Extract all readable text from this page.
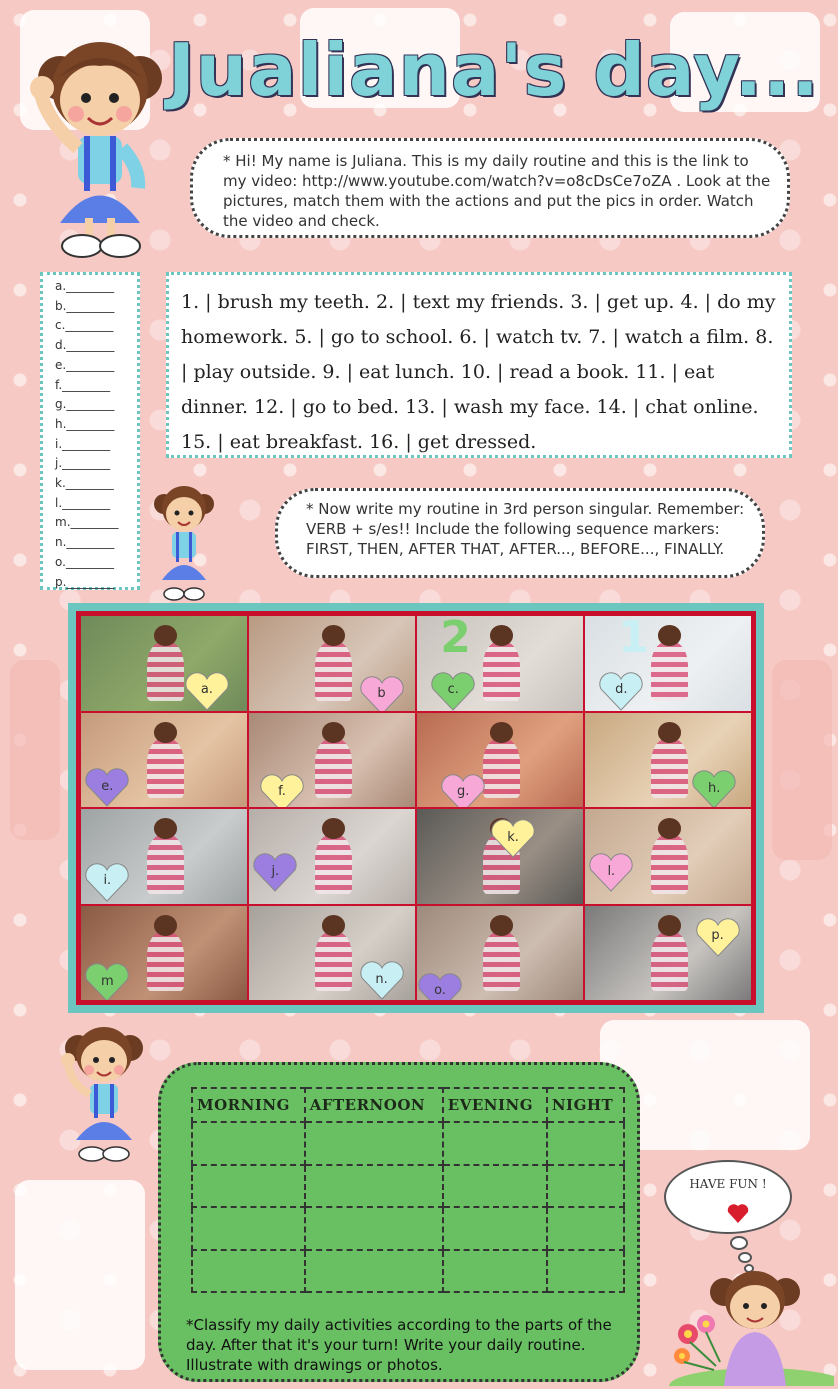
Jualiana's day...
* Hi! My name is Juliana. This is my daily routine and this is the link to my video: http://www.youtube.com/watch?v=o8cDsCe7oZA . Look at the pictures, match them with the actions and put the pics in order. Watch the video and check.
a.________
b.________
c.________
d.________
e.________
f.________
g.________
h.________
i.________
j.________
k.________
l.________
m.________
n.________
o.________
p.________
1. | brush my teeth. 2. | text my friends. 3. | get up. 4. | do my homework. 5. | go to school. 6. | watch tv. 7. | watch a film. 8. | play outside. 9. | eat lunch. 10. | read a book. 11. | eat dinner. 12. | go to bed. 13. | wash my face. 14. | chat online. 15. | eat breakfast. 16. | get dressed.
* Now write my routine in 3rd person singular. Remember: VERB + s/es!! Include the following sequence markers: FIRST, THEN, AFTER THAT, AFTER..., BEFORE..., FINALLY.
a.	b	c.
2
d.
1
e.	f.	g.	h.
i.
j.
k.
l.
m	n.
o.
p.
MORNING	AFTERNOON	EVENING	NIGHT

*Classify my daily activities according to the parts of the day. After that it's your turn! Write your daily routine. Illustrate with drawings or photos.
HAVE FUN !
